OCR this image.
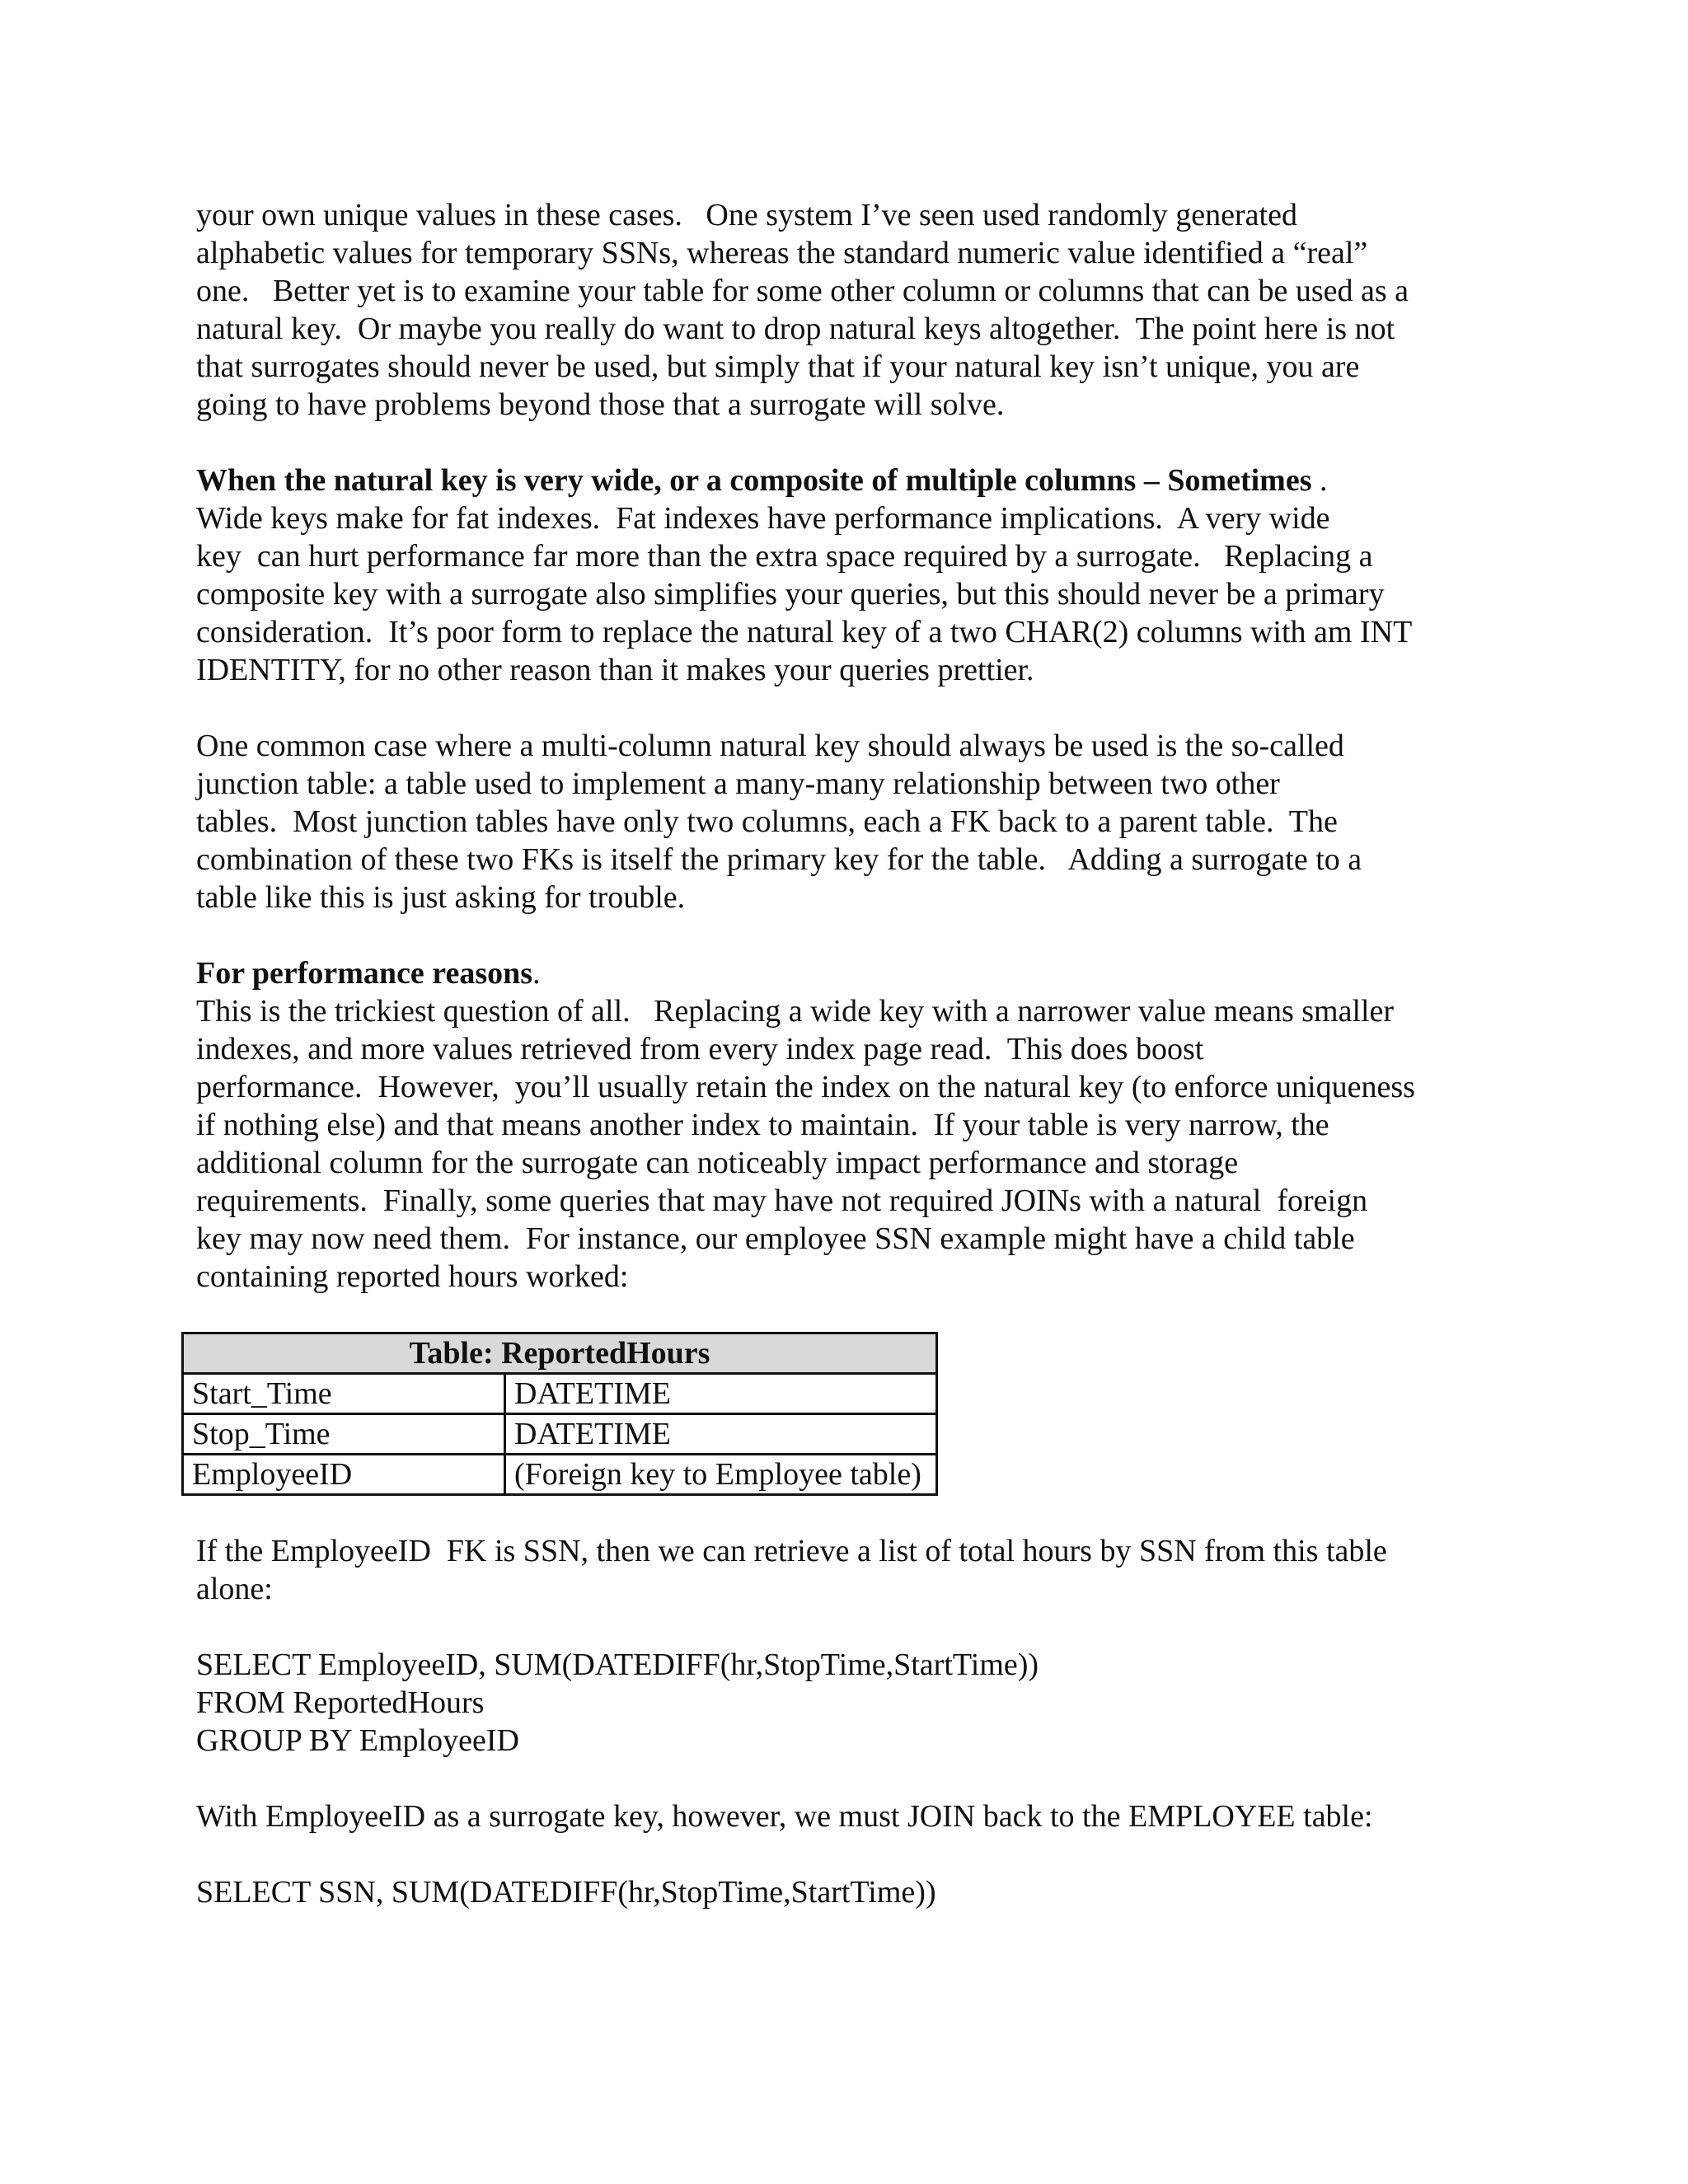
your own unique values in these cases.   One system I’ve seen used randomly generated
alphabetic values for temporary SSNs, whereas the standard numeric value identified a “real”
one.   Better yet is to examine your table for some other column or columns that can be used as a
natural key.  Or maybe you really do want to drop natural keys altogether.  The point here is not
that surrogates should never be used, but simply that if your natural key isn’t unique, you are
going to have problems beyond those that a surrogate will solve.
When the natural key is very wide, or a composite of multiple columns – Sometimes .
Wide keys make for fat indexes.  Fat indexes have performance implications.  A very wide
key  can hurt performance far more than the extra space required by a surrogate.   Replacing a
composite key with a surrogate also simplifies your queries, but this should never be a primary
consideration.  It’s poor form to replace the natural key of a two CHAR(2) columns with am INT
IDENTITY, for no other reason than it makes your queries prettier.
One common case where a multi-column natural key should always be used is the so-called
junction table: a table used to implement a many-many relationship between two other
tables.  Most junction tables have only two columns, each a FK back to a parent table.  The
combination of these two FKs is itself the primary key for the table.   Adding a surrogate to a
table like this is just asking for trouble.
For performance reasons.
This is the trickiest question of all.   Replacing a wide key with a narrower value means smaller
indexes, and more values retrieved from every index page read.  This does boost
performance.  However,  you’ll usually retain the index on the natural key (to enforce uniqueness
if nothing else) and that means another index to maintain.  If your table is very narrow, the
additional column for the surrogate can noticeably impact performance and storage
requirements.  Finally, some queries that may have not required JOINs with a natural  foreign
key may now need them.  For instance, our employee SSN example might have a child table
containing reported hours worked:
Table: ReportedHours	
Start_Time	DATETIME
Stop_Time	DATETIME
EmployeeID	(Foreign key to Employee table)
If the EmployeeID  FK is SSN, then we can retrieve a list of total hours by SSN from this table
alone:
SELECT EmployeeID, SUM(DATEDIFF(hr,StopTime,StartTime))
FROM ReportedHours
GROUP BY EmployeeID
With EmployeeID as a surrogate key, however, we must JOIN back to the EMPLOYEE table:
SELECT SSN, SUM(DATEDIFF(hr,StopTime,StartTime))
